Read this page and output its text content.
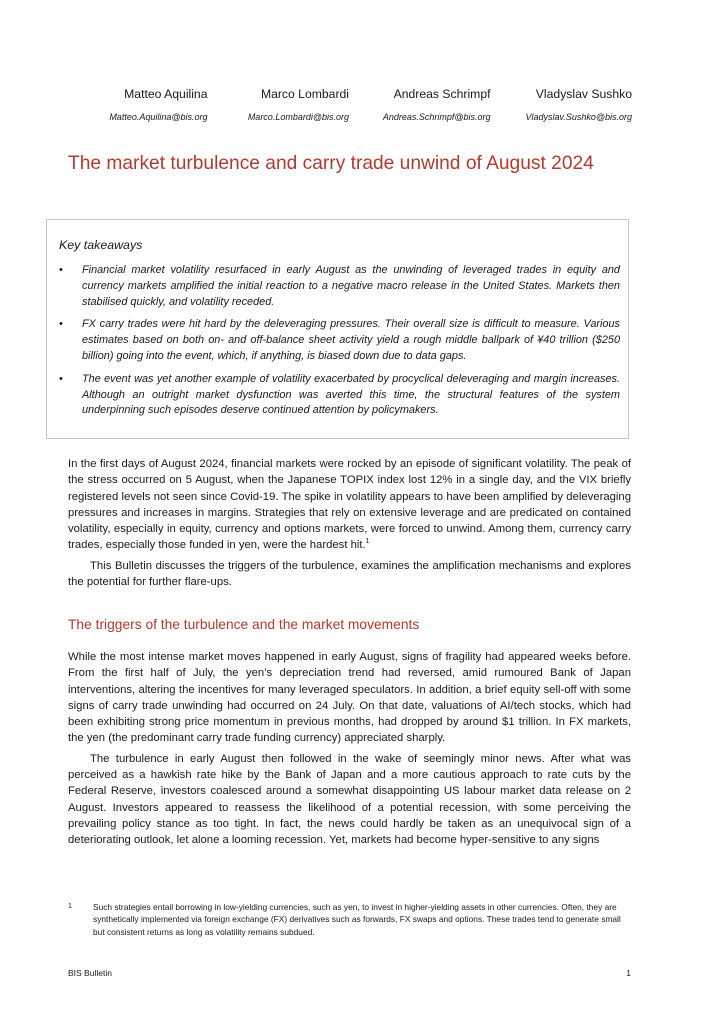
Matteo Aquilina
Matteo.Aquilina@bis.org
Marco Lombardi
Marco.Lombardi@bis.org
Andreas Schrimpf
Andreas.Schrimpf@bis.org
Vladyslav Sushko
Vladyslav.Sushko@bis.org
The market turbulence and carry trade unwind of August 2024
Key takeaways
• Financial market volatility resurfaced in early August as the unwinding of leveraged trades in equity and currency markets amplified the initial reaction to a negative macro release in the United States. Markets then stabilised quickly, and volatility receded.
• FX carry trades were hit hard by the deleveraging pressures. Their overall size is difficult to measure. Various estimates based on both on- and off-balance sheet activity yield a rough middle ballpark of ¥40 trillion ($250 billion) going into the event, which, if anything, is biased down due to data gaps.
• The event was yet another example of volatility exacerbated by procyclical deleveraging and margin increases. Although an outright market dysfunction was averted this time, the structural features of the system underpinning such episodes deserve continued attention by policymakers.

In the first days of August 2024, financial markets were rocked by an episode of significant volatility. The peak of the stress occurred on 5 August, when the Japanese TOPIX index lost 12% in a single day, and the VIX briefly registered levels not seen since Covid-19. The spike in volatility appears to have been amplified by deleveraging pressures and increases in margins. Strategies that rely on extensive leverage and are predicated on contained volatility, especially in equity, currency and options markets, were forced to unwind. Among them, currency carry trades, especially those funded in yen, were the hardest hit.$^1$

This Bulletin discusses the triggers of the turbulence, examines the amplification mechanisms and explores the potential for further flare-ups.

The triggers of the turbulence and the market movements

While the most intense market moves happened in early August, signs of fragility had appeared weeks before. From the first half of July, the yen’s depreciation trend had reversed, amid rumoured Bank of Japan interventions, altering the incentives for many leveraged speculators. In addition, a brief equity sell-off with some signs of carry trade unwinding had occurred on 24 July. On that date, valuations of AI/tech stocks, which had been exhibiting strong price momentum in previous months, had dropped by around $1 trillion. In FX markets, the yen (the predominant carry trade funding currency) appreciated sharply.

The turbulence in early August then followed in the wake of seemingly minor news. After what was perceived as a hawkish rate hike by the Bank of Japan and a more cautious approach to rate cuts by the Federal Reserve, investors coalesced around a somewhat disappointing US labour market data release on 2 August. Investors appeared to reassess the likelihood of a potential recession, with some perceiving the prevailing policy stance as too tight. In fact, the news could hardly be taken as an unequivocal sign of a deteriorating outlook, let alone a looming recession. Yet, markets had become hyper-sensitive to any signs

1	Such strategies entail borrowing in low-yielding currencies, such as yen, to invest in higher-yielding assets in other currencies. Often, they are synthetically implemented via foreign exchange (FX) derivatives such as forwards, FX swaps and options. These trades tend to generate small but consistent returns as long as volatility remains subdued.
BIS Bulletin	1
